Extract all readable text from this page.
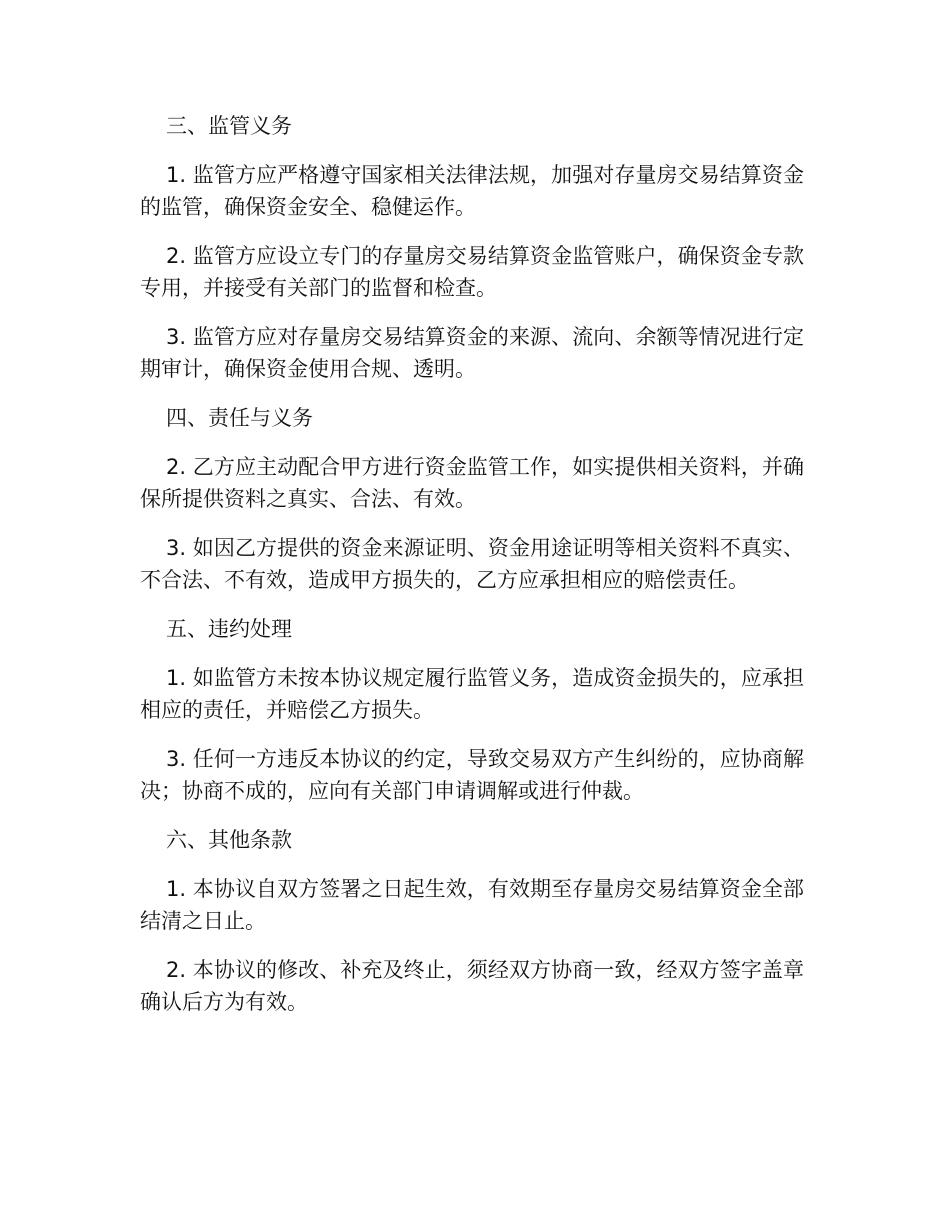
三、监管义务

1. 监管方应严格遵守国家相关法律法规，加强对存量房交易结算资金的监管，确保资金安全、稳健运作。

2. 监管方应设立专门的存量房交易结算资金监管账户，确保资金专款专用，并接受有关部门的监督和检查。

3. 监管方应对存量房交易结算资金的来源、流向、余额等情况进行定期审计，确保资金使用合规、透明。

四、责任与义务

2. 乙方应主动配合甲方进行资金监管工作，如实提供相关资料，并确保所提供资料之真实、合法、有效。

3. 如因乙方提供的资金来源证明、资金用途证明等相关资料不真实、不合法、不有效，造成甲方损失的，乙方应承担相应的赔偿责任。

五、违约处理

1. 如监管方未按本协议规定履行监管义务，造成资金损失的，应承担相应的责任，并赔偿乙方损失。

3. 任何一方违反本协议的约定，导致交易双方产生纠纷的，应协商解决；协商不成的，应向有关部门申请调解或进行仲裁。

六、其他条款

1. 本协议自双方签署之日起生效，有效期至存量房交易结算资金全部结清之日止。

2. 本协议的修改、补充及终止，须经双方协商一致，经双方签字盖章确认后方为有效。
